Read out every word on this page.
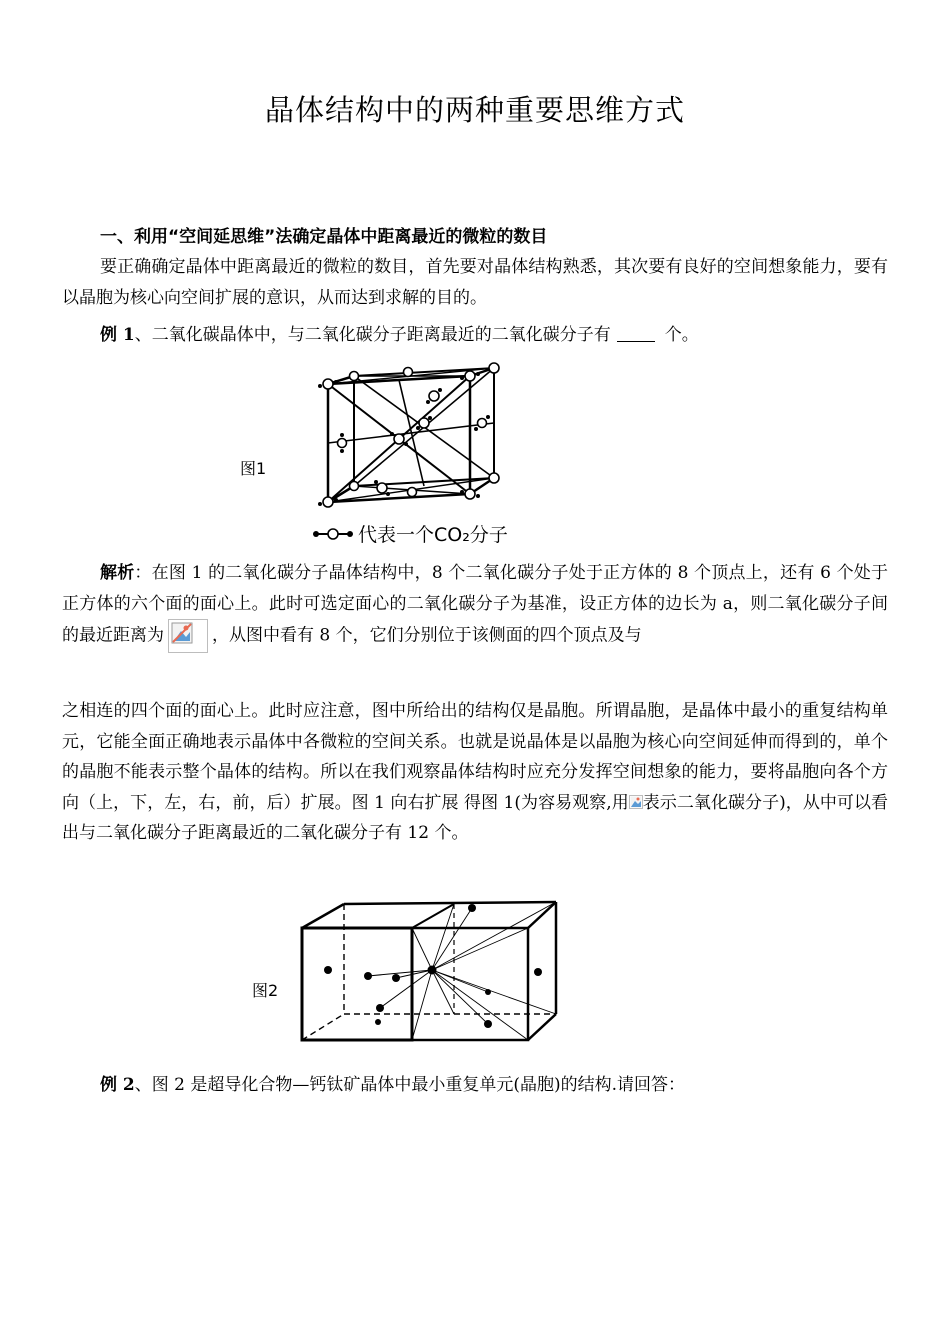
晶体结构中的两种重要思维方式
一、利用“空间延思维”法确定晶体中距离最近的微粒的数目
要正确确定晶体中距离最近的微粒的数目，首先要对晶体结构熟悉，其次要有良好的空间想象能力，要有以晶胞为核心向空间扩展的意识，从而达到求解的目的。
例 1、二氧化碳晶体中，与二氧化碳分子距离最近的二氧化碳分子有	个。
图1
代表一个CO₂分子
解析：在图 1 的二氧化碳分子晶体结构中，8 个二氧化碳分子处于正方体的 8 个顶点上，还有 6 个处于正方体的六个面的面心上。此时可选定面心的二氧化碳分子为基准，设正方体的边长为 a，则二氧化碳分子间的最近距离为	，从图中看有 8 个，它们分别位于该侧面的四个顶点及与
之相连的四个面的面心上。此时应注意，图中所给出的结构仅是晶胞。所谓晶胞，是晶体中最小的重复结构单元，它能全面正确地表示晶体中各微粒的空间关系。也就是说晶体是以晶胞为核心向空间延伸而得到的，单个的晶胞不能表示整个晶体的结构。所以在我们观察晶体结构时应充分发挥空间想象的能力，要将晶胞向各个方向（上，下，左，右，前，后）扩展。图 1 向右扩展 得图 1(为容易观察,用 表示二氧化碳分子)，从中可以看出与二氧化碳分子距离最近的二氧化碳分子有 12 个。
图2
例 2、图 2 是超导化合物—钙钛矿晶体中最小重复单元(晶胞)的结构.请回答：
